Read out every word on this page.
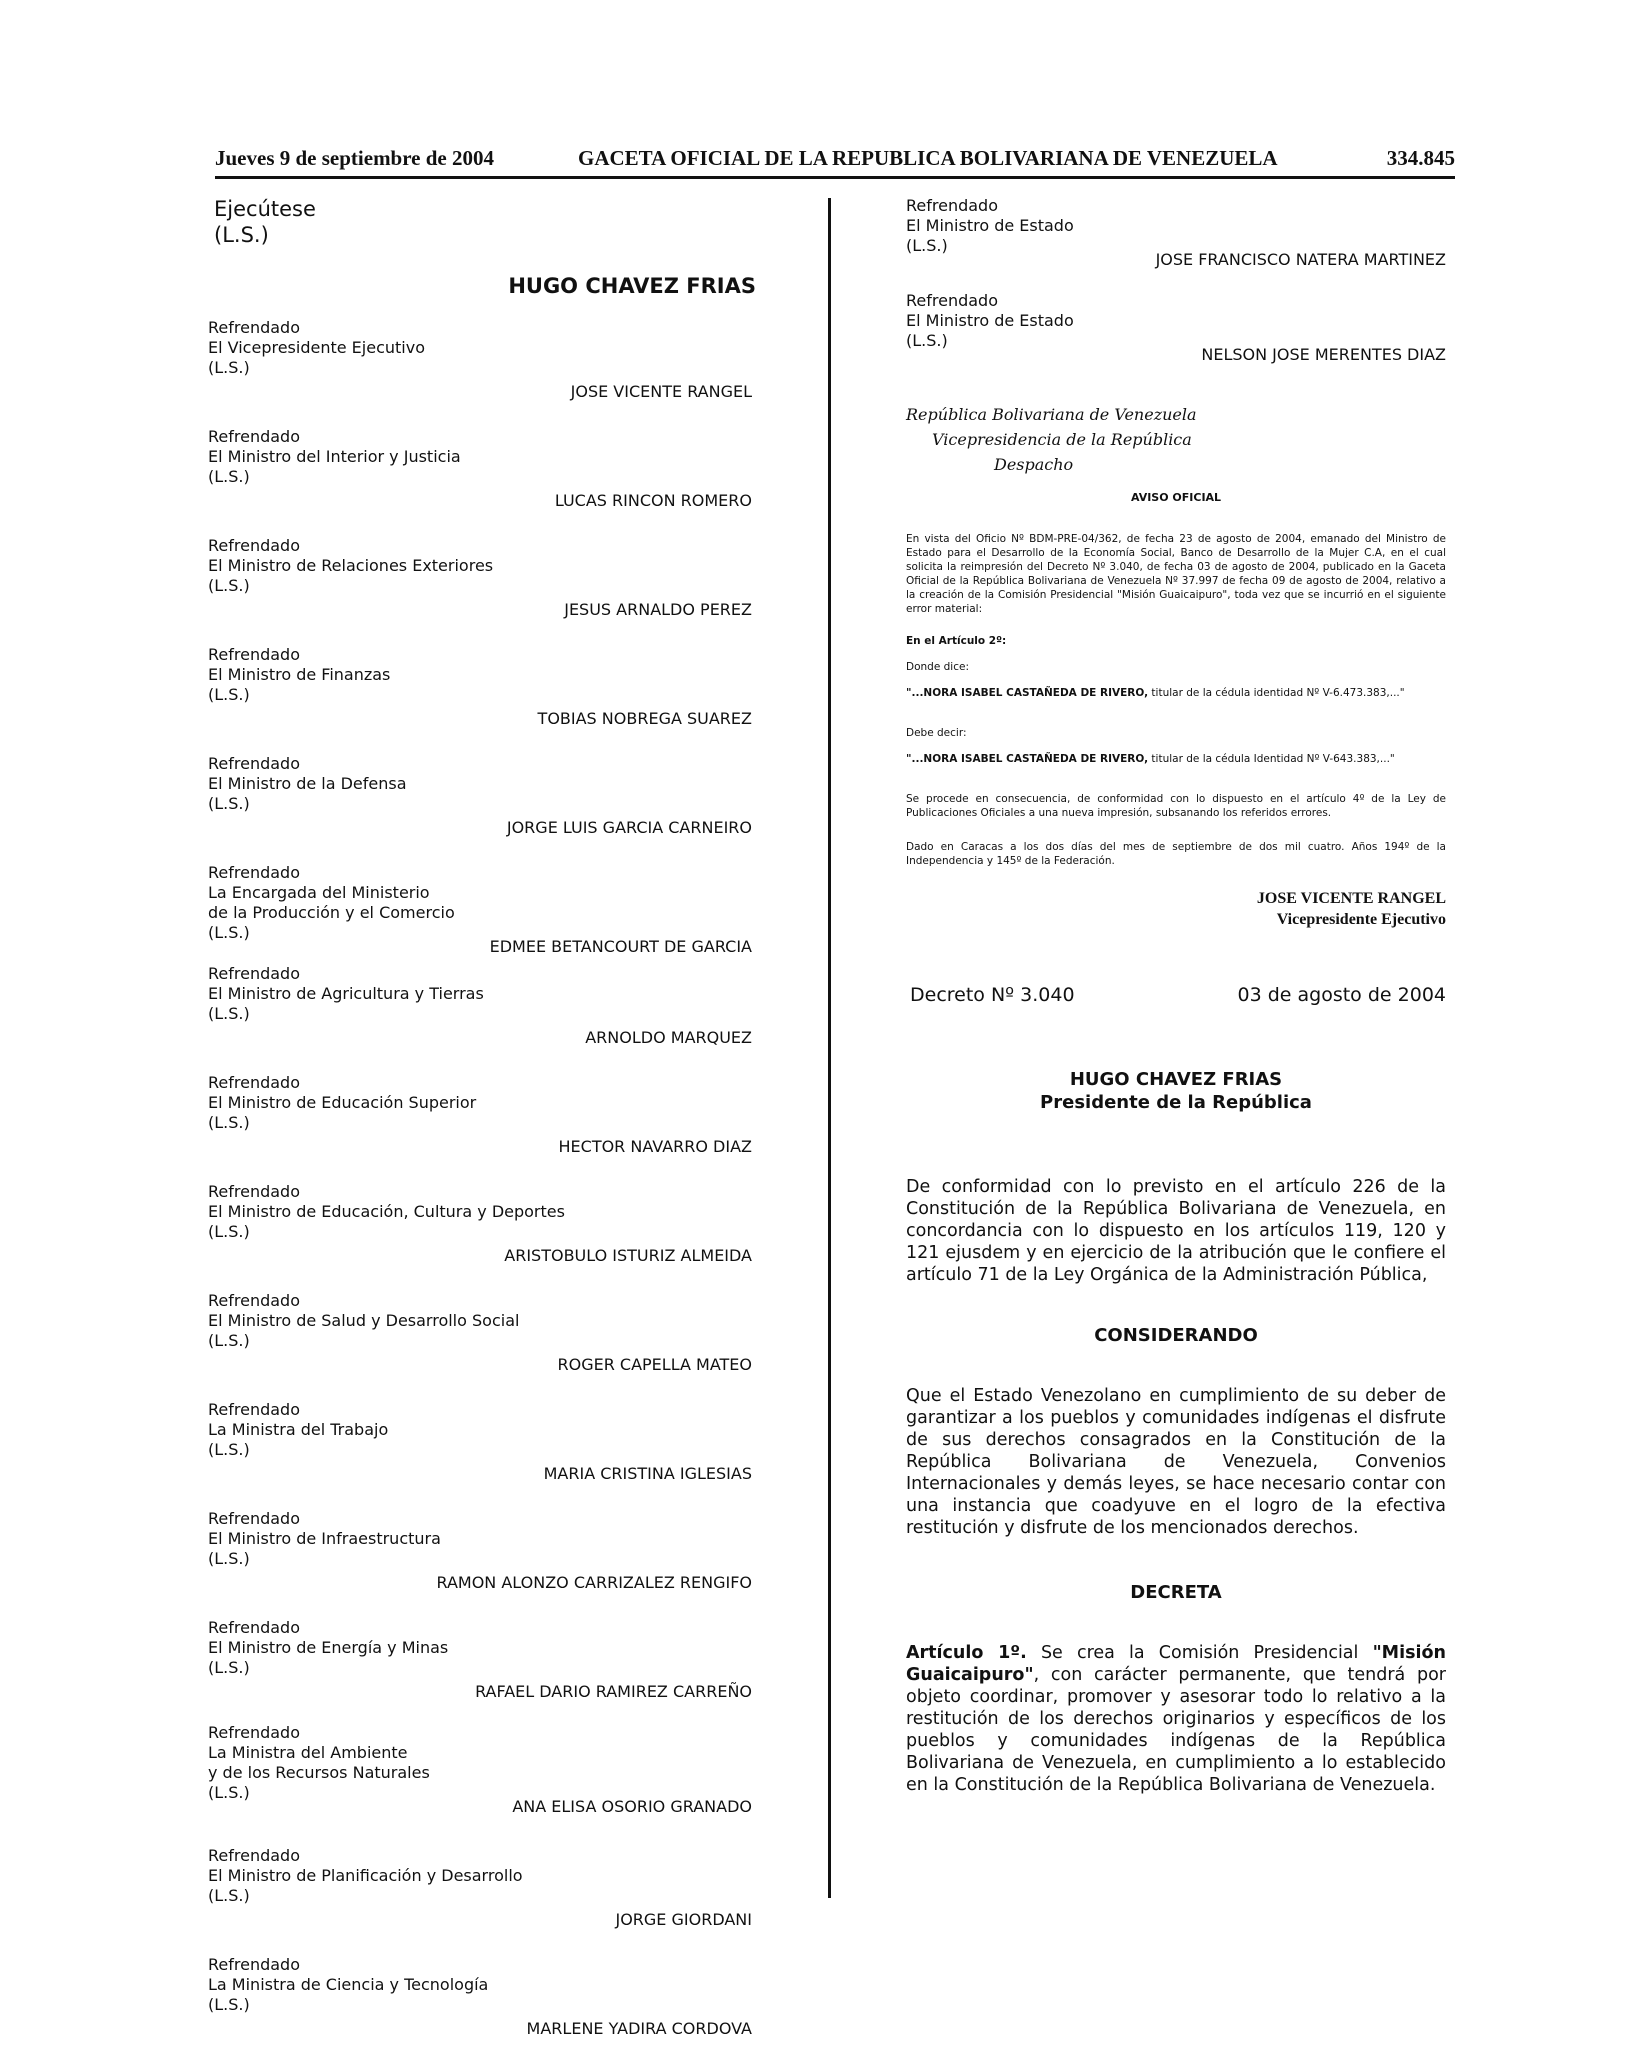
Jueves 9 de septiembre de 2004	GACETA OFICIAL DE LA REPUBLICA BOLIVARIANA DE VENEZUELA	334.845
Ejecútese
(L.S.)
HUGO CHAVEZ FRIAS
Refrendado
El Vicepresidente Ejecutivo
(L.S.)
JOSE VICENTE RANGEL
Refrendado
El Ministro del Interior y Justicia
(L.S.)
LUCAS RINCON ROMERO
Refrendado
El Ministro de Relaciones Exteriores
(L.S.)
JESUS ARNALDO PEREZ
Refrendado
El Ministro de Finanzas
(L.S.)
TOBIAS NOBREGA SUAREZ
Refrendado
El Ministro de la Defensa
(L.S.)
JORGE LUIS GARCIA CARNEIRO
Refrendado
La Encargada del Ministerio
de la Producción y el Comercio
(L.S.)
EDMEE BETANCOURT DE GARCIA
Refrendado
El Ministro de Agricultura y Tierras
(L.S.)
ARNOLDO MARQUEZ
Refrendado
El Ministro de Educación Superior
(L.S.)
HECTOR NAVARRO DIAZ
Refrendado
El Ministro de Educación, Cultura y Deportes
(L.S.)
ARISTOBULO ISTURIZ ALMEIDA
Refrendado
El Ministro de Salud y Desarrollo Social
(L.S.)
ROGER CAPELLA MATEO
Refrendado
La Ministra del Trabajo
(L.S.)
MARIA CRISTINA IGLESIAS
Refrendado
El Ministro de Infraestructura
(L.S.)
RAMON ALONZO CARRIZALEZ RENGIFO
Refrendado
El Ministro de Energía y Minas
(L.S.)
RAFAEL DARIO RAMIREZ CARREÑO
Refrendado
La Ministra del Ambiente
y de los Recursos Naturales
(L.S.)
ANA ELISA OSORIO GRANADO
Refrendado
El Ministro de Planificación y Desarrollo
(L.S.)
JORGE GIORDANI
Refrendado
La Ministra de Ciencia y Tecnología
(L.S.)
MARLENE YADIRA CORDOVA
Refrendado
El Ministro de Estado
(L.S.)
JOSE FRANCISCO NATERA MARTINEZ
Refrendado
El Ministro de Estado
(L.S.)
NELSON JOSE MERENTES DIAZ
República Bolivariana de Venezuela
Vicepresidencia de la República
Despacho
AVISO OFICIAL
En vista del Oficio Nº BDM-PRE-04/362, de fecha 23 de agosto de 2004, emanado del Ministro de Estado para el Desarrollo de la Economía Social, Banco de Desarrollo de la Mujer C.A, en el cual solicita la reimpresión del Decreto Nº 3.040, de fecha 03 de agosto de 2004, publicado en la Gaceta Oficial de la República Bolivariana de Venezuela Nº 37.997 de fecha 09 de agosto de 2004, relativo a la creación de la Comisión Presidencial "Misión Guaicaipuro", toda vez que se incurrió en el siguiente error material:
En el Artículo 2º:
Donde dice:
"...NORA ISABEL CASTAÑEDA DE RIVERO, titular de la cédula identidad Nº V-6.473.383,..."
Debe decir:
"...NORA ISABEL CASTAÑEDA DE RIVERO, titular de la cédula Identidad Nº V-643.383,..."
Se procede en consecuencia, de conformidad con lo dispuesto en el artículo 4º de la Ley de Publicaciones Oficiales a una nueva impresión, subsanando los referidos errores.
Dado en Caracas a los dos días del mes de septiembre de dos mil cuatro. Años 194º de la Independencia y 145º de la Federación.
JOSE VICENTE RANGEL
Vicepresidente Ejecutivo
Decreto Nº 3.040	03 de agosto de 2004
HUGO CHAVEZ FRIAS
Presidente de la República
De conformidad con lo previsto en el artículo 226 de la Constitución de la República Bolivariana de Venezuela, en concordancia con lo dispuesto en los artículos 119, 120 y 121 ejusdem y en ejercicio de la atribución que le confiere el artículo 71 de la Ley Orgánica de la Administración Pública,
CONSIDERANDO
Que el Estado Venezolano en cumplimiento de su deber de garantizar a los pueblos y comunidades indígenas el disfrute de sus derechos consagrados en la Constitución de la República Bolivariana de Venezuela, Convenios Internacionales y demás leyes, se hace necesario contar con una instancia que coadyuve en el logro de la efectiva restitución y disfrute de los mencionados derechos.
DECRETA
Artículo 1º. Se crea la Comisión Presidencial "Misión Guaicaipuro", con carácter permanente, que tendrá por objeto coordinar, promover y asesorar todo lo relativo a la restitución de los derechos originarios y específicos de los pueblos y comunidades indígenas de la República Bolivariana de Venezuela, en cumplimiento a lo establecido en la Constitución de la República Bolivariana de Venezuela.
